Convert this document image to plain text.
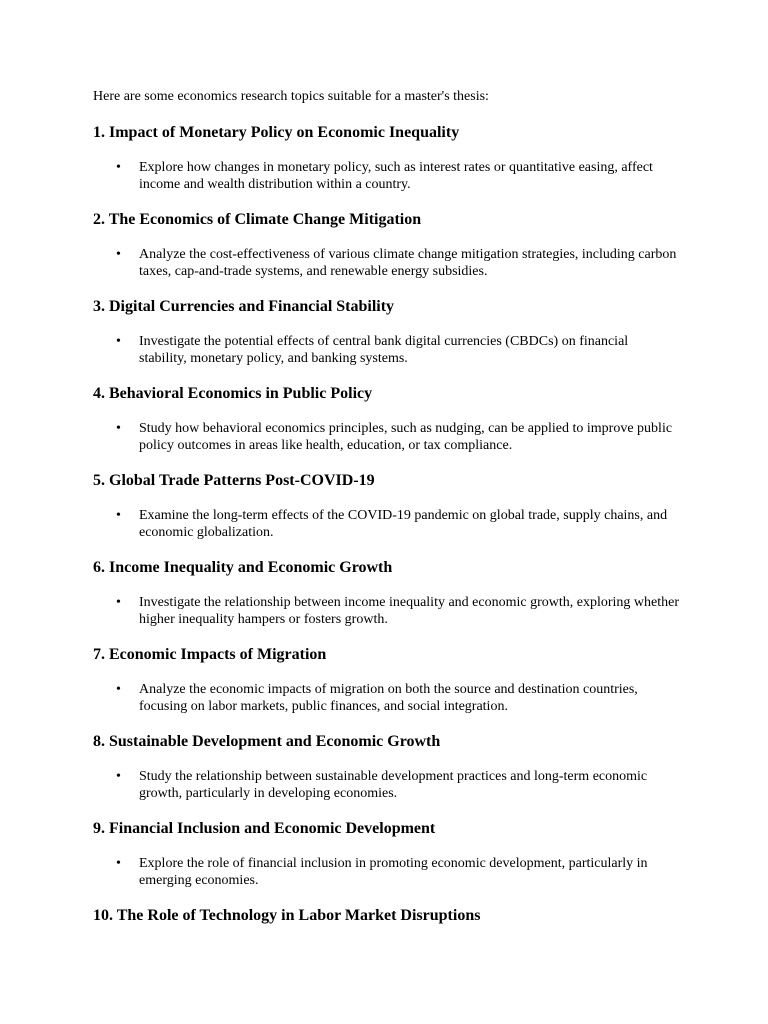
Here are some economics research topics suitable for a master's thesis:

1. Impact of Monetary Policy on Economic Inequality
• Explore how changes in monetary policy, such as interest rates or quantitative easing, affect income and wealth distribution within a country.
2. The Economics of Climate Change Mitigation
• Analyze the cost-effectiveness of various climate change mitigation strategies, including carbon taxes, cap-and-trade systems, and renewable energy subsidies.
3. Digital Currencies and Financial Stability
• Investigate the potential effects of central bank digital currencies (CBDCs) on financial stability, monetary policy, and banking systems.
4. Behavioral Economics in Public Policy
• Study how behavioral economics principles, such as nudging, can be applied to improve public policy outcomes in areas like health, education, or tax compliance.
5. Global Trade Patterns Post-COVID-19
• Examine the long-term effects of the COVID-19 pandemic on global trade, supply chains, and economic globalization.
6. Income Inequality and Economic Growth
• Investigate the relationship between income inequality and economic growth, exploring whether higher inequality hampers or fosters growth.
7. Economic Impacts of Migration
• Analyze the economic impacts of migration on both the source and destination countries, focusing on labor markets, public finances, and social integration.
8. Sustainable Development and Economic Growth
• Study the relationship between sustainable development practices and long-term economic growth, particularly in developing economies.
9. Financial Inclusion and Economic Development
• Explore the role of financial inclusion in promoting economic development, particularly in emerging economies.
10. The Role of Technology in Labor Market Disruptions
